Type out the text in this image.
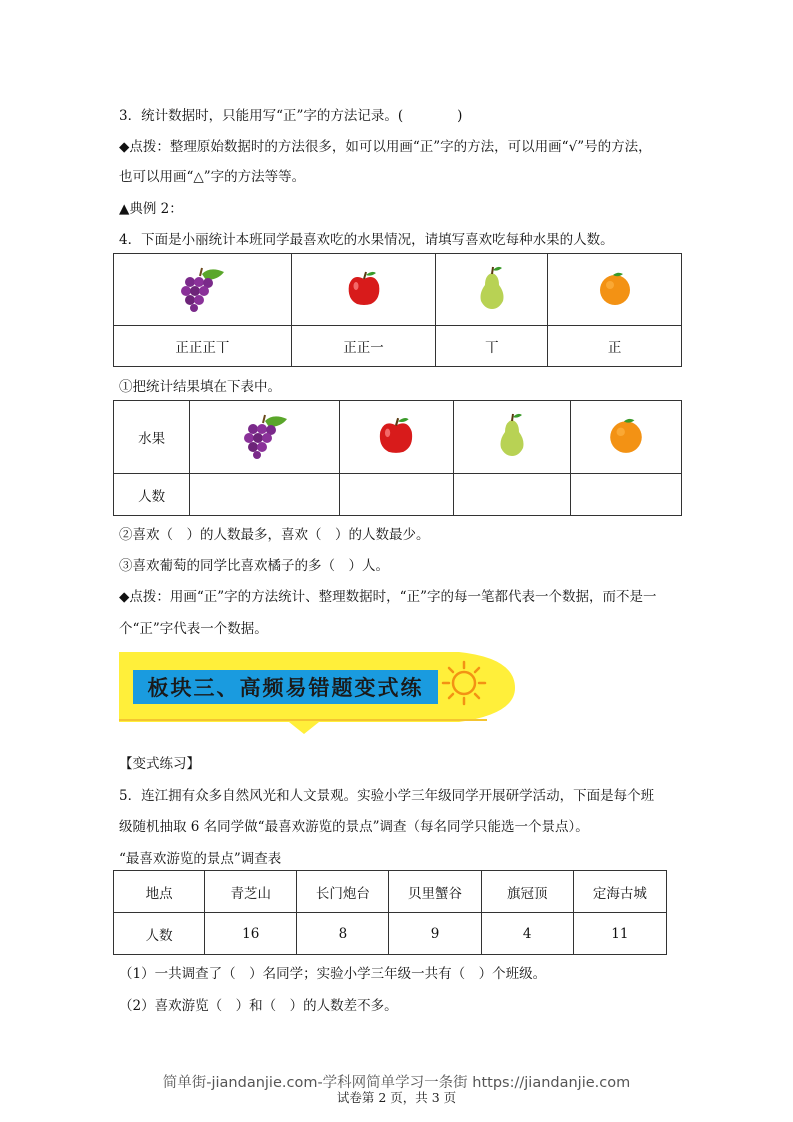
3．统计数据时，只能用写“正”字的方法记录。(　　　　)
◆点拨：整理原始数据时的方法很多，如可以用画“正”字的方法，可以用画“√”号的方法，
也可以用画“△”字的方法等等。
▲典例 2：
4．下面是小丽统计本班同学最喜欢吃的水果情况，请填写喜欢吃每种水果的人数。

正正正丅	正正一	丅	正
①把统计结果填在下表中。
水果				
人数				
②喜欢（　）的人数最多，喜欢（　）的人数最少。
③喜欢葡萄的同学比喜欢橘子的多（　）人。
◆点拨：用画“正”字的方法统计、整理数据时，“正”字的每一笔都代表一个数据，而不是一
个“正”字代表一个数据。
板块三、高频易错题变式练
【变式练习】
5．连江拥有众多自然风光和人文景观。实验小学三年级同学开展研学活动，下面是每个班
级随机抽取 6 名同学做“最喜欢游览的景点”调查（每名同学只能选一个景点）。
“最喜欢游览的景点”调查表
地点	青芝山	长门炮台	贝里蟹谷	旗冠顶	定海古城
人数	16	8	9	4	11
（1）一共调查了（　）名同学；实验小学三年级一共有（　）个班级。
（2）喜欢游览（　）和（　）的人数差不多。
试卷第 2 页，共 3 页
简单街-jiandanjie.com-学科网简单学习一条街 https://jiandanjie.com
